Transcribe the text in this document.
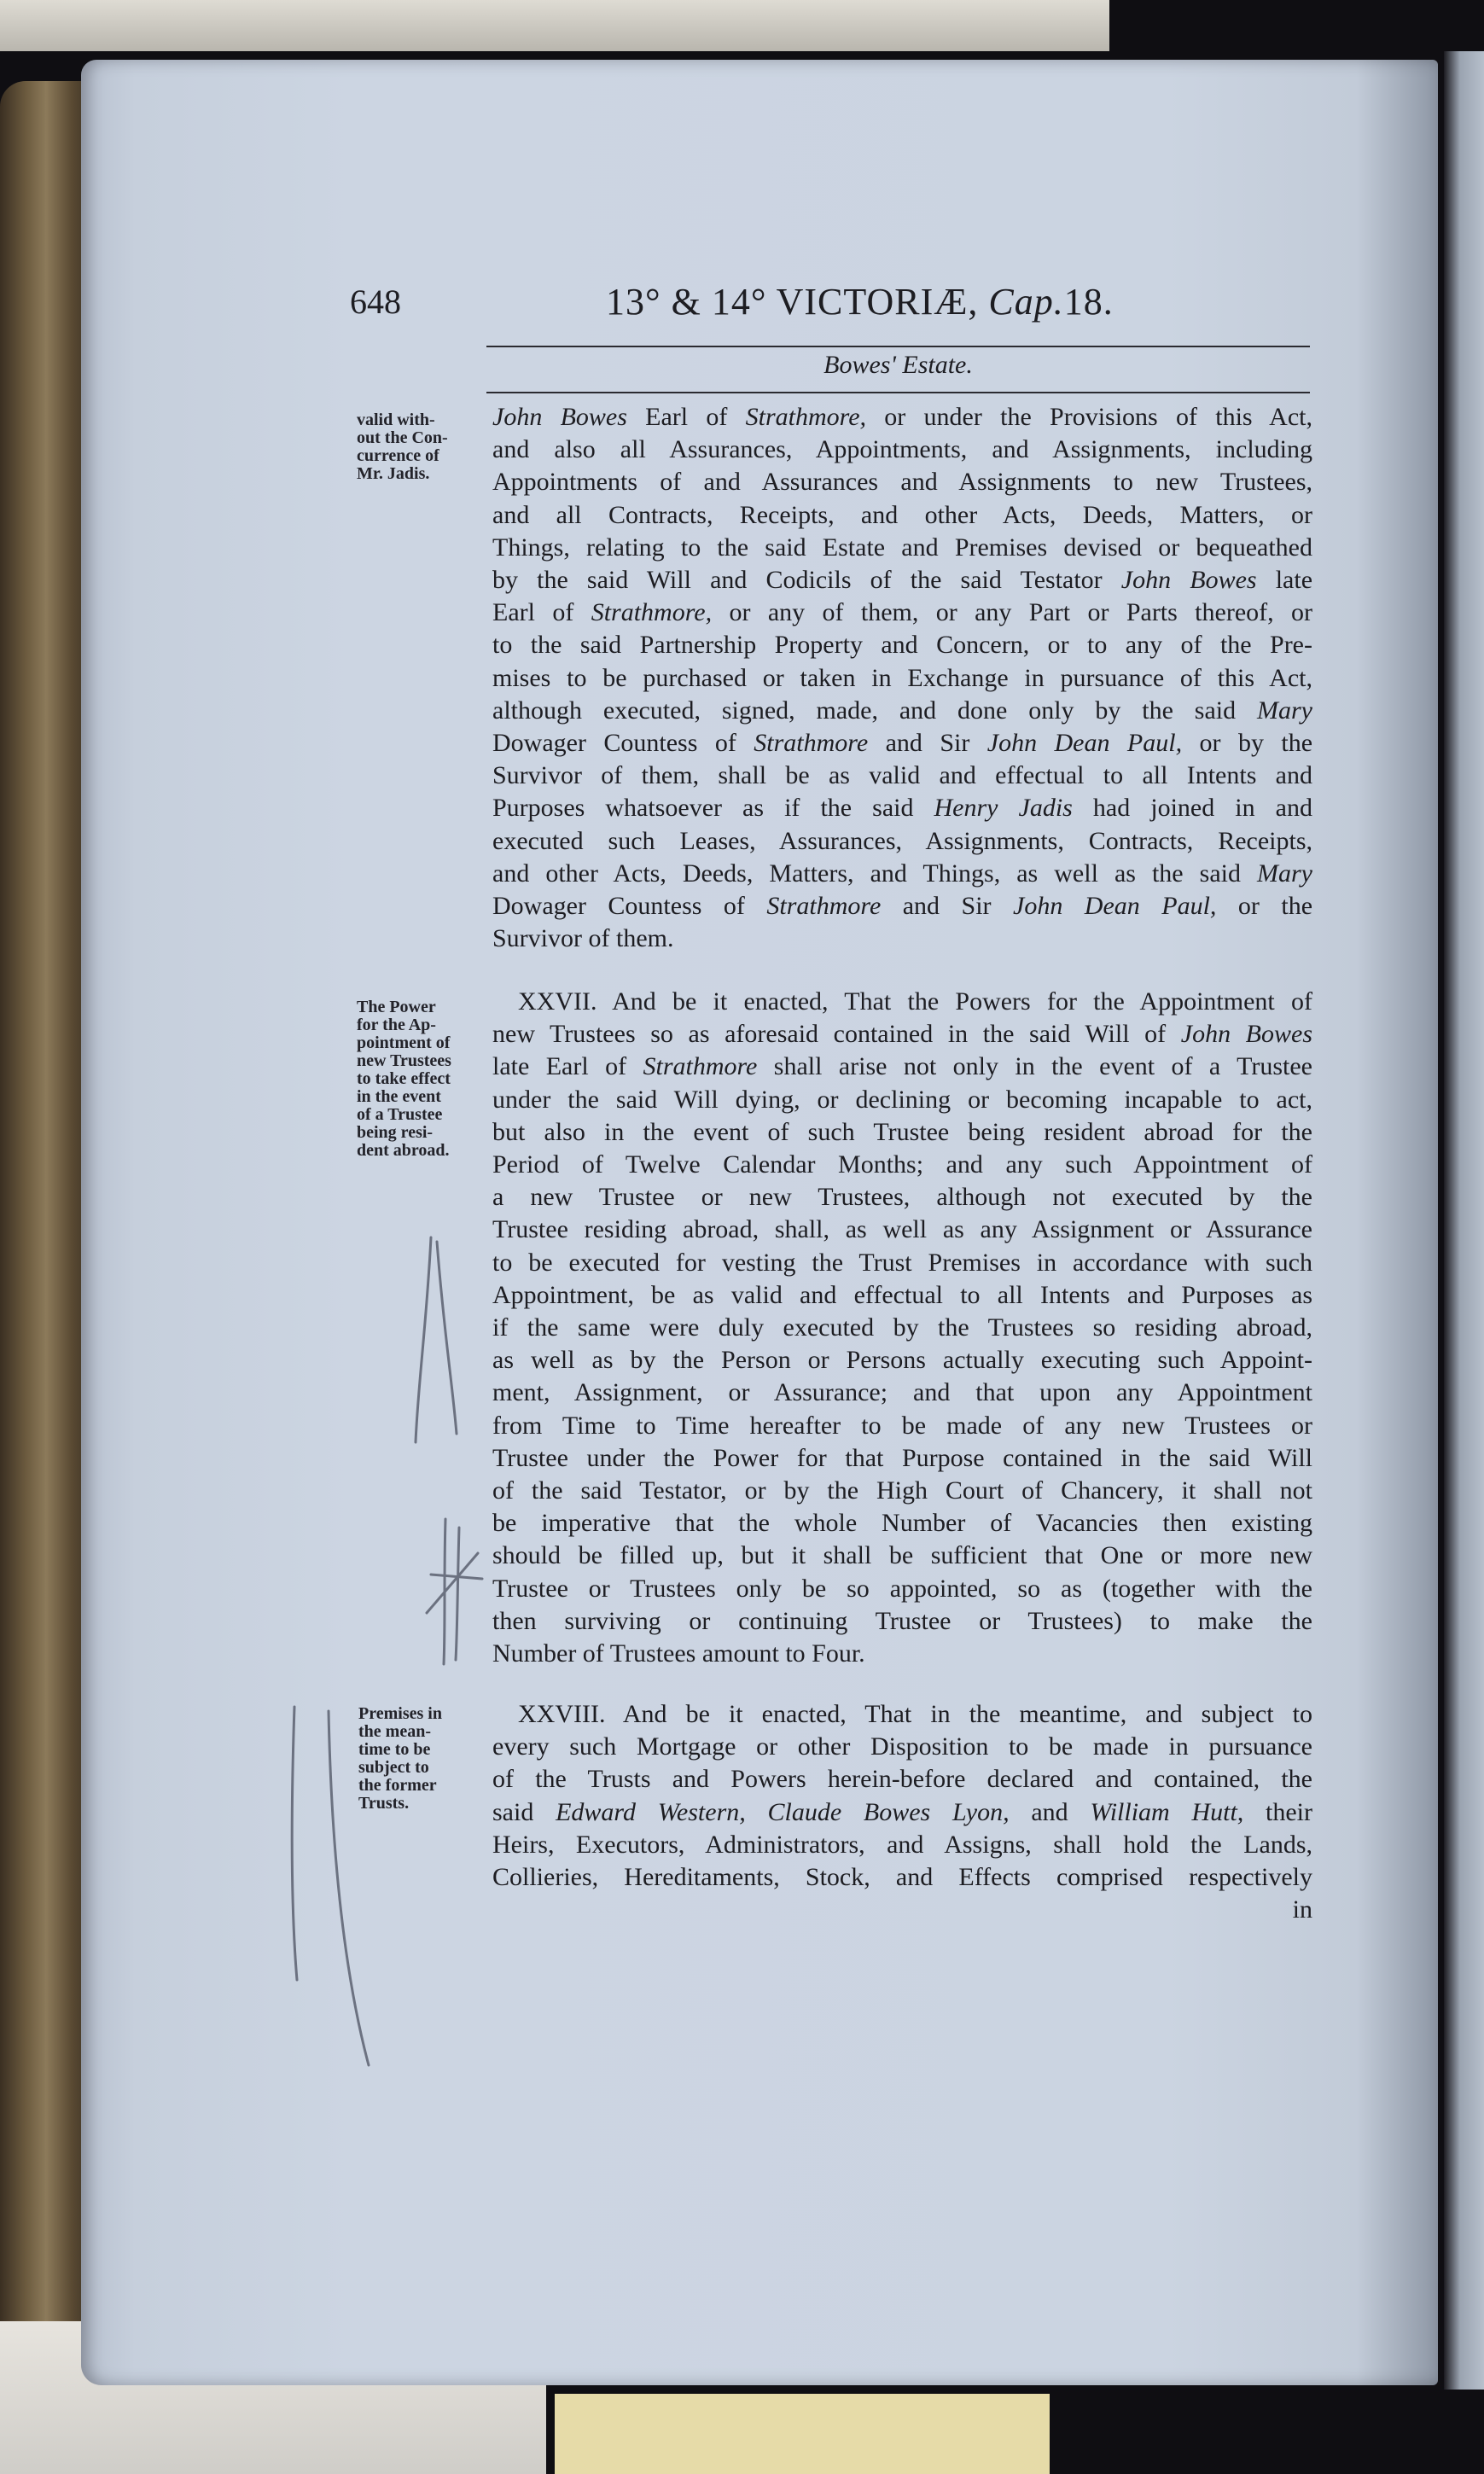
648	13° & 14° VICTORIÆ, Cap.18.
Bowes' Estate.
valid with-
out the Con-
currence of
Mr. Jadis.
The Power
for the Ap-
pointment of
new Trustees
to take effect
in the event
of a Trustee
being resi-
dent abroad.
Premises in
the mean-
time to be
subject to
the former
Trusts.
John Bowes Earl of Strathmore, or under the Provisions of this Act,
and also all Assurances, Appointments, and Assignments, including
Appointments of and Assurances and Assignments to new Trustees,
and all Contracts, Receipts, and other Acts, Deeds, Matters, or
Things, relating to the said Estate and Premises devised or bequeathed
by the said Will and Codicils of the said Testator John Bowes late
Earl of Strathmore, or any of them, or any Part or Parts thereof, or
to the said Partnership Property and Concern, or to any of the Pre-
mises to be purchased or taken in Exchange in pursuance of this Act,
although executed, signed, made, and done only by the said Mary
Dowager Countess of Strathmore and Sir John Dean Paul, or by the
Survivor of them, shall be as valid and effectual to all Intents and
Purposes whatsoever as if the said Henry Jadis had joined in and
executed such Leases, Assurances, Assignments, Contracts, Receipts,
and other Acts, Deeds, Matters, and Things, as well as the said Mary
Dowager Countess of Strathmore and Sir John Dean Paul, or the
Survivor of them.
XXVII. And be it enacted, That the Powers for the Appointment of
new Trustees so as aforesaid contained in the said Will of John Bowes
late Earl of Strathmore shall arise not only in the event of a Trustee
under the said Will dying, or declining or becoming incapable to act,
but also in the event of such Trustee being resident abroad for the
Period of Twelve Calendar Months; and any such Appointment of
a new Trustee or new Trustees, although not executed by the
Trustee residing abroad, shall, as well as any Assignment or Assurance
to be executed for vesting the Trust Premises in accordance with such
Appointment, be as valid and effectual to all Intents and Purposes as
if the same were duly executed by the Trustees so residing abroad,
as well as by the Person or Persons actually executing such Appoint-
ment, Assignment, or Assurance; and that upon any Appointment
from Time to Time hereafter to be made of any new Trustees or
Trustee under the Power for that Purpose contained in the said Will
of the said Testator, or by the High Court of Chancery, it shall not
be imperative that the whole Number of Vacancies then existing
should be filled up, but it shall be sufficient that One or more new
Trustee or Trustees only be so appointed, so as (together with the
then surviving or continuing Trustee or Trustees) to make the
Number of Trustees amount to Four.
XXVIII. And be it enacted, That in the meantime, and subject to
every such Mortgage or other Disposition to be made in pursuance
of the Trusts and Powers herein-before declared and contained, the
said Edward Western, Claude Bowes Lyon, and William Hutt, their
Heirs, Executors, Administrators, and Assigns, shall hold the Lands,
Collieries, Hereditaments, Stock, and Effects comprised respectively
in
